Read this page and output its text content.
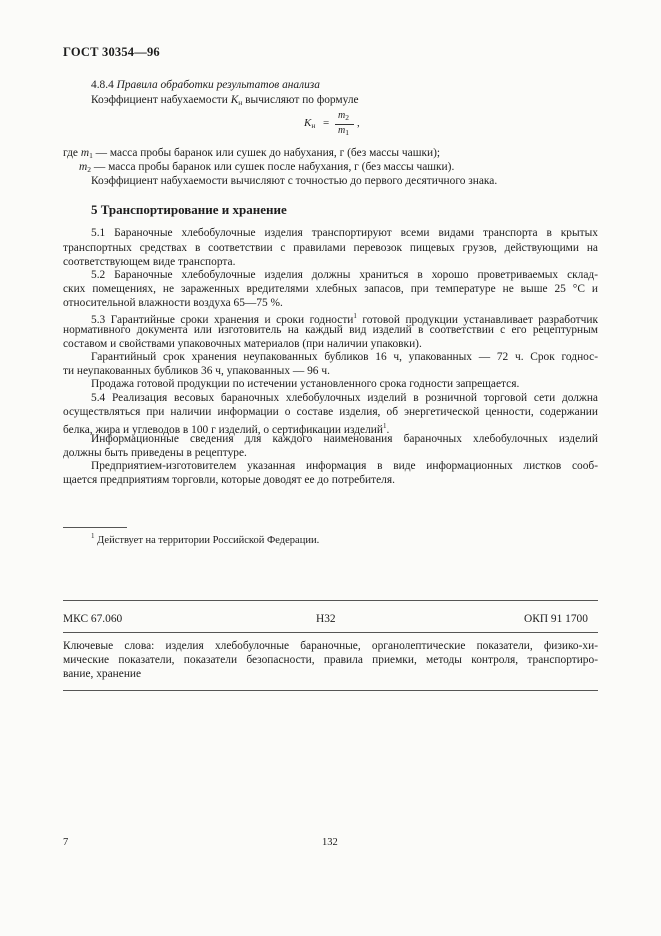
ГОСТ 30354—96
4.8.4 Правила обработки результатов анализа
Коэффициент набухаемости $K_н$ вычисляют по формуле
$K_н$ =
$m_2$
$m_1$
,
где $m_1$ — масса пробы баранок или сушек до набухания, г (без массы чашки);
$m_2$ — масса пробы баранок или сушек после набухания, г (без массы чашки).
Коэффициент набухаемости вычисляют с точностью до первого десятичного знака.
5 Транспортирование и хранение
5.1 Бараночные хлебобулочные изделия транспортируют всеми видами транспорта в крытых
транспортных средствах в соответствии с правилами перевозок пищевых грузов, действующими на
соответствующем виде транспорта.
5.2 Бараночные хлебобулочные изделия должны храниться в хорошо проветриваемых склад-
ских помещениях, не зараженных вредителями хлебных запасов, при температуре не выше 25 °С и
относительной влажности воздуха 65—75 %.
5.3 Гарантийные сроки хранения и сроки годности$^1$ готовой продукции устанавливает разработчик
нормативного документа или изготовитель на каждый вид изделий в соответствии с его рецептурным
составом и свойствами упаковочных материалов (при наличии упаковки).
Гарантийный срок хранения неупакованных бубликов 16 ч, упакованных — 72 ч. Срок годнос-
ти неупакованных бубликов 36 ч, упакованных — 96 ч.
Продажа готовой продукции по истечении установленного срока годности запрещается.
5.4 Реализация весовых бараночных хлебобулочных изделий в розничной торговой сети должна
осуществляться при наличии информации о составе изделия, об энергетической ценности, содержании
белка, жира и углеводов в 100 г изделий, о сертификации изделий$^1$.
Информационные сведения для каждого наименования бараночных хлебобулочных изделий
должны быть приведены в рецептуре.
Предприятием-изготовителем указанная информация в виде информационных листков сооб-
щается предприятиям торговли, которые доводят ее до потребителя.
$^1$ Действует на территории Российской Федерации.
МКС 67.060	Н32	ОКП 91 1700
Ключевые слова: изделия хлебобулочные бараночные, органолептические показатели, физико-хи-
мические показатели, показатели безопасности, правила приемки, методы контроля, транспортиро-
вание, хранение
7	132
